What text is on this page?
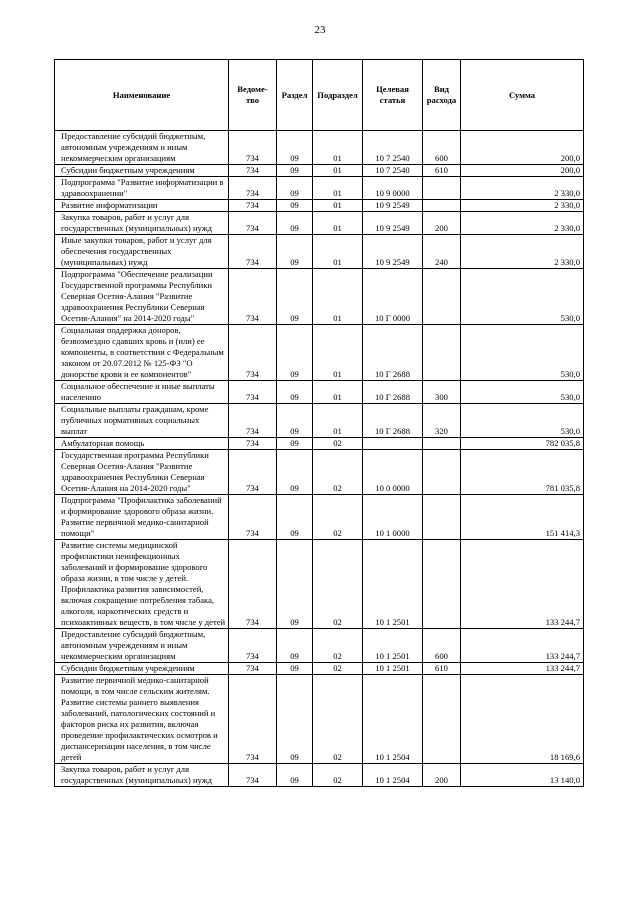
23
Наименование	Ведоме-тво	Раздел	Подраздел	Целевая статья	Вид расхода	Сумма
Предоставление субсидий бюджетным, автономным учреждениям и иным некоммерческим организациям	734	09	01	10 7 2540	600	200,0
Субсидии бюджетным учреждениям	734	09	01	10 7 2540	610	200,0
Подпрограмма "Развитие информатизации в здравоохранении"	734	09	01	10 9 0000		2 330,0
Развитие информатизации	734	09	01	10 9 2549		2 330,0
Закупка товаров, работ и услуг для государственных (муниципальных) нужд	734	09	01	10 9 2549	200	2 330,0
Иные закупки товаров, работ и услуг для обеспечения государственных (муниципальных) нужд	734	09	01	10 9 2549	240	2 330,0
Подпрограмма "Обеспечение реализации Государственной программы Республики Северная Осетия-Алания "Развитие здравоохранения Республики Северная Осетия-Алания" на 2014-2020 годы"	734	09	01	10 Г 0000		530,0
Социальная поддержка доноров, безвозмездно сдавших кровь и (или) ее компоненты, в соответствии с Федеральным законом от 20.07.2012 № 125-ФЗ "О донорстве крови и ее компонентов"	734	09	01	10 Г 2688		530,0
Социальное обеспечение и иные выплаты населению	734	09	01	10 Г 2688	300	530,0
Социальные выплаты гражданам, кроме публичных нормативных социальных выплат	734	09	01	10 Г 2688	320	530,0
Амбулаторная помощь	734	09	02			782 035,8
Государственная программа Республики Северная Осетия-Алания "Развитие здравоохранения Республики Северная Осетия-Алания на 2014-2020 годы"	734	09	02	10 0 0000		781 035,8
Подпрограмма "Профилактика заболеваний и формирование здорового образа жизни. Развитие первичной медико-санитарной помощи"	734	09	02	10 1 0000		151 414,3
Развитие системы медицинской профилактики неинфекционных заболеваний и формирование здорового образа жизни, в том числе у детей. Профилактика развития зависимостей, включая сокращение потребления табака, алкоголя, наркотических средств и психоактивных веществ, в том числе у детей	734	09	02	10 1 2501		133 244,7
Предоставление субсидий бюджетным, автономным учреждениям и иным некоммерческим организациям	734	09	02	10 1 2501	600	133 244,7
Субсидии бюджетным учреждениям	734	09	02	10 1 2501	610	133 244,7
Развитие первичной медико-санитарной помощи, в том числе сельским жителям. Развитие системы раннего выявления заболеваний, патологических состояний и факторов риска их развития, включая проведение профилактических осмотров и диспансеризации населения, в том числе детей	734	09	02	10 1 2504		18 169,6
Закупка товаров, работ и услуг для государственных (муниципальных) нужд	734	09	02	10 1 2504	200	13 140,0
